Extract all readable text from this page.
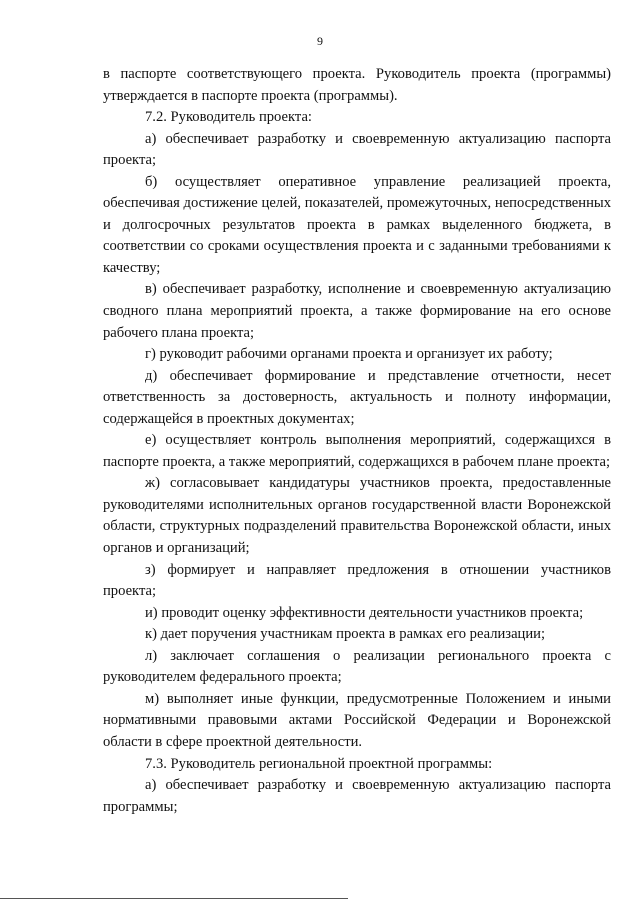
9

в паспорте соответствующего проекта. Руководитель проекта (программы) утверждается в паспорте проекта (программы).

7.2. Руководитель проекта:

а) обеспечивает разработку и своевременную актуализацию паспорта проекта;

б) осуществляет оперативное управление реализацией проекта, обеспечивая достижение целей, показателей, промежуточных, непосредственных и долгосрочных результатов проекта в рамках выделенного бюджета, в соответствии со сроками осуществления проекта и с заданными требованиями к качеству;

в) обеспечивает разработку, исполнение и своевременную актуализацию сводного плана мероприятий проекта, а также формирование на его основе рабочего плана проекта;

г) руководит рабочими органами проекта и организует их работу;

д) обеспечивает формирование и представление отчетности, несет ответственность за достоверность, актуальность и полноту информации, содержащейся в проектных документах;

е) осуществляет контроль выполнения мероприятий, содержащихся в паспорте проекта, а также мероприятий, содержащихся в рабочем плане проекта;

ж) согласовывает кандидатуры участников проекта, предоставленные руководителями исполнительных органов государственной власти Воронежской области, структурных подразделений правительства Воронежской области, иных органов и организаций;

з) формирует и направляет предложения в отношении участников проекта;

и) проводит оценку эффективности деятельности участников проекта;

к) дает поручения участникам проекта в рамках его реализации;

л) заключает соглашения о реализации регионального проекта с руководителем федерального проекта;

м) выполняет иные функции, предусмотренные Положением и иными нормативными правовыми актами Российской Федерации и Воронежской области в сфере проектной деятельности.

7.3. Руководитель региональной проектной программы:

а) обеспечивает разработку и своевременную актуализацию паспорта программы;
